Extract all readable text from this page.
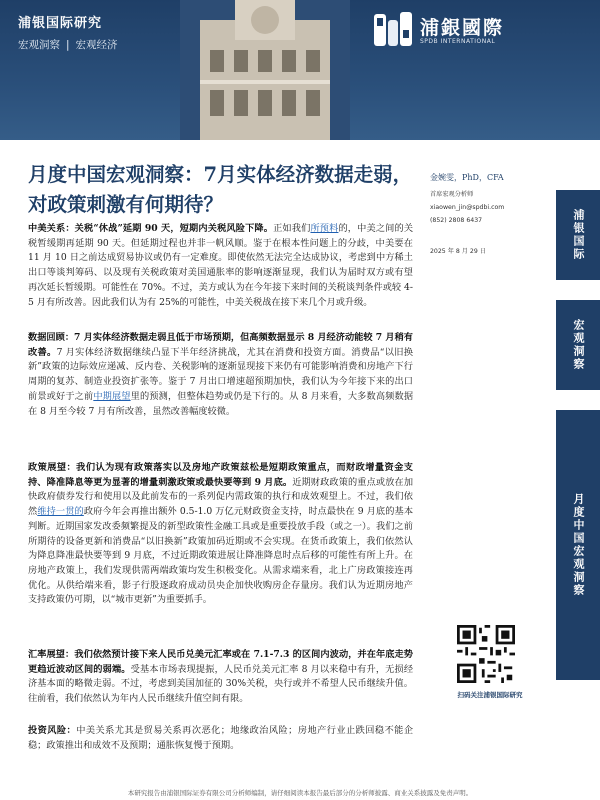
浦银国际研究
宏观洞察 | 宏观经济
浦銀國際
SPDB INTERNATIONAL
月度中国宏观洞察：7月实体经济数据走弱，对政策刺激有何期待？
金婉雯，PhD，CFA
首席宏观分析师
xiaowen_jin@spdbi.com
(852) 2808 6437
2025 年 8 月 29 日	浦银国际
宏观洞察
月度中国宏观洞察
扫码关注浦银国际研究
中美关系：关税“休战”延期 90 天，短期内关税风险下降。正如我们所预料的，中美之间的关税暂缓期再延期 90 天。但延期过程也并非一帆风顺。鉴于在根本性问题上的分歧，中美要在 11 月 10 日之前达成贸易协议或仍有一定难度。即使依然无法完全达成协议，考虑到中方稀土出口等谈判筹码、以及现有关税政策对美国通胀率的影响逐渐显现，我们认为届时双方或有望再次延长暂缓期。可能性在 70%。不过，美方或认为在今年接下来时间的关税谈判条件或较 4-5 月有所改善。因此我们认为有 25%的可能性，中美关税战在接下来几个月或升级。
数据回顾：7 月实体经济数据走弱且低于市场预期，但高频数据显示 8 月经济动能较 7 月稍有改善。7 月实体经济数据继续凸显下半年经济挑战，尤其在消费和投资方面。消费品“以旧换新”政策的边际效应递减、反内卷、关税影响的逐渐显现接下来仍有可能影响消费和房地产下行周期的复苏、制造业投资扩张等。鉴于 7 月出口增速超预期加快，我们认为今年接下来的出口前景或好于之前中期展望里的预测，但整体趋势或仍是下行的。从 8 月来看，大多数高频数据在 8 月至今较 7 月有所改善，虽然改善幅度较微。
政策展望：我们认为现有政策落实以及房地产政策兹松是短期政策重点，而财政增量资金支持、降准降息等更为显著的增量刺激政策或最快要等到 9 月底。近期财政政策的重点或放在加快政府债券发行和使用以及此前发布的一系列促内需政策的执行和成效观望上。不过，我们依然维持一贯的政府今年会再推出额外 0.5-1.0 万亿元财政资金支持，时点最快在 9 月底的基本判断。近期国家发改委频繁提及的新型政策性金融工具或是重要投放手段（或之一）。我们之前所期待的设备更新和消费品“以旧换新”政策加码近期或不会实现。在货币政策上，我们依然认为降息降准最快要等到 9 月底，不过近期政策进展让降准降息时点后移的可能性有所上升。在房地产政策上，我们发现供需两端政策均发生积极变化。从需求端来看，北上广房政策接连再优化。从供给端来看，影子行股逐政府成动员央企加快收购房企存量房。我们认为近期房地产支持政策仍可期，以“城市更新”为重要抓手。
汇率展望：我们依然预计接下来人民币兑美元汇率或在 7.1-7.3 的区间内波动，并在年底走势更趋近波动区间的弱端。受基本市场表现提振，人民币兑美元汇率 8 月以来稳中有升，无损经济基本面的略微走弱。不过，考虑到美国加征的 30%关税，央行或并不希望人民币继续升值。往前看，我们依然认为年内人民币继续升值空间有限。
投资风险：中美关系尤其是贸易关系再次恶化；地缘政治风险；房地产行业止跌回稳不能企稳；政策推出和成效不及预期；通胀恢复慢于预期。
本研究报告由浦银国际证券有限公司分析师编制，请仔细阅读本报告最后部分的分析师披露、商业关系披露及免责声明。
